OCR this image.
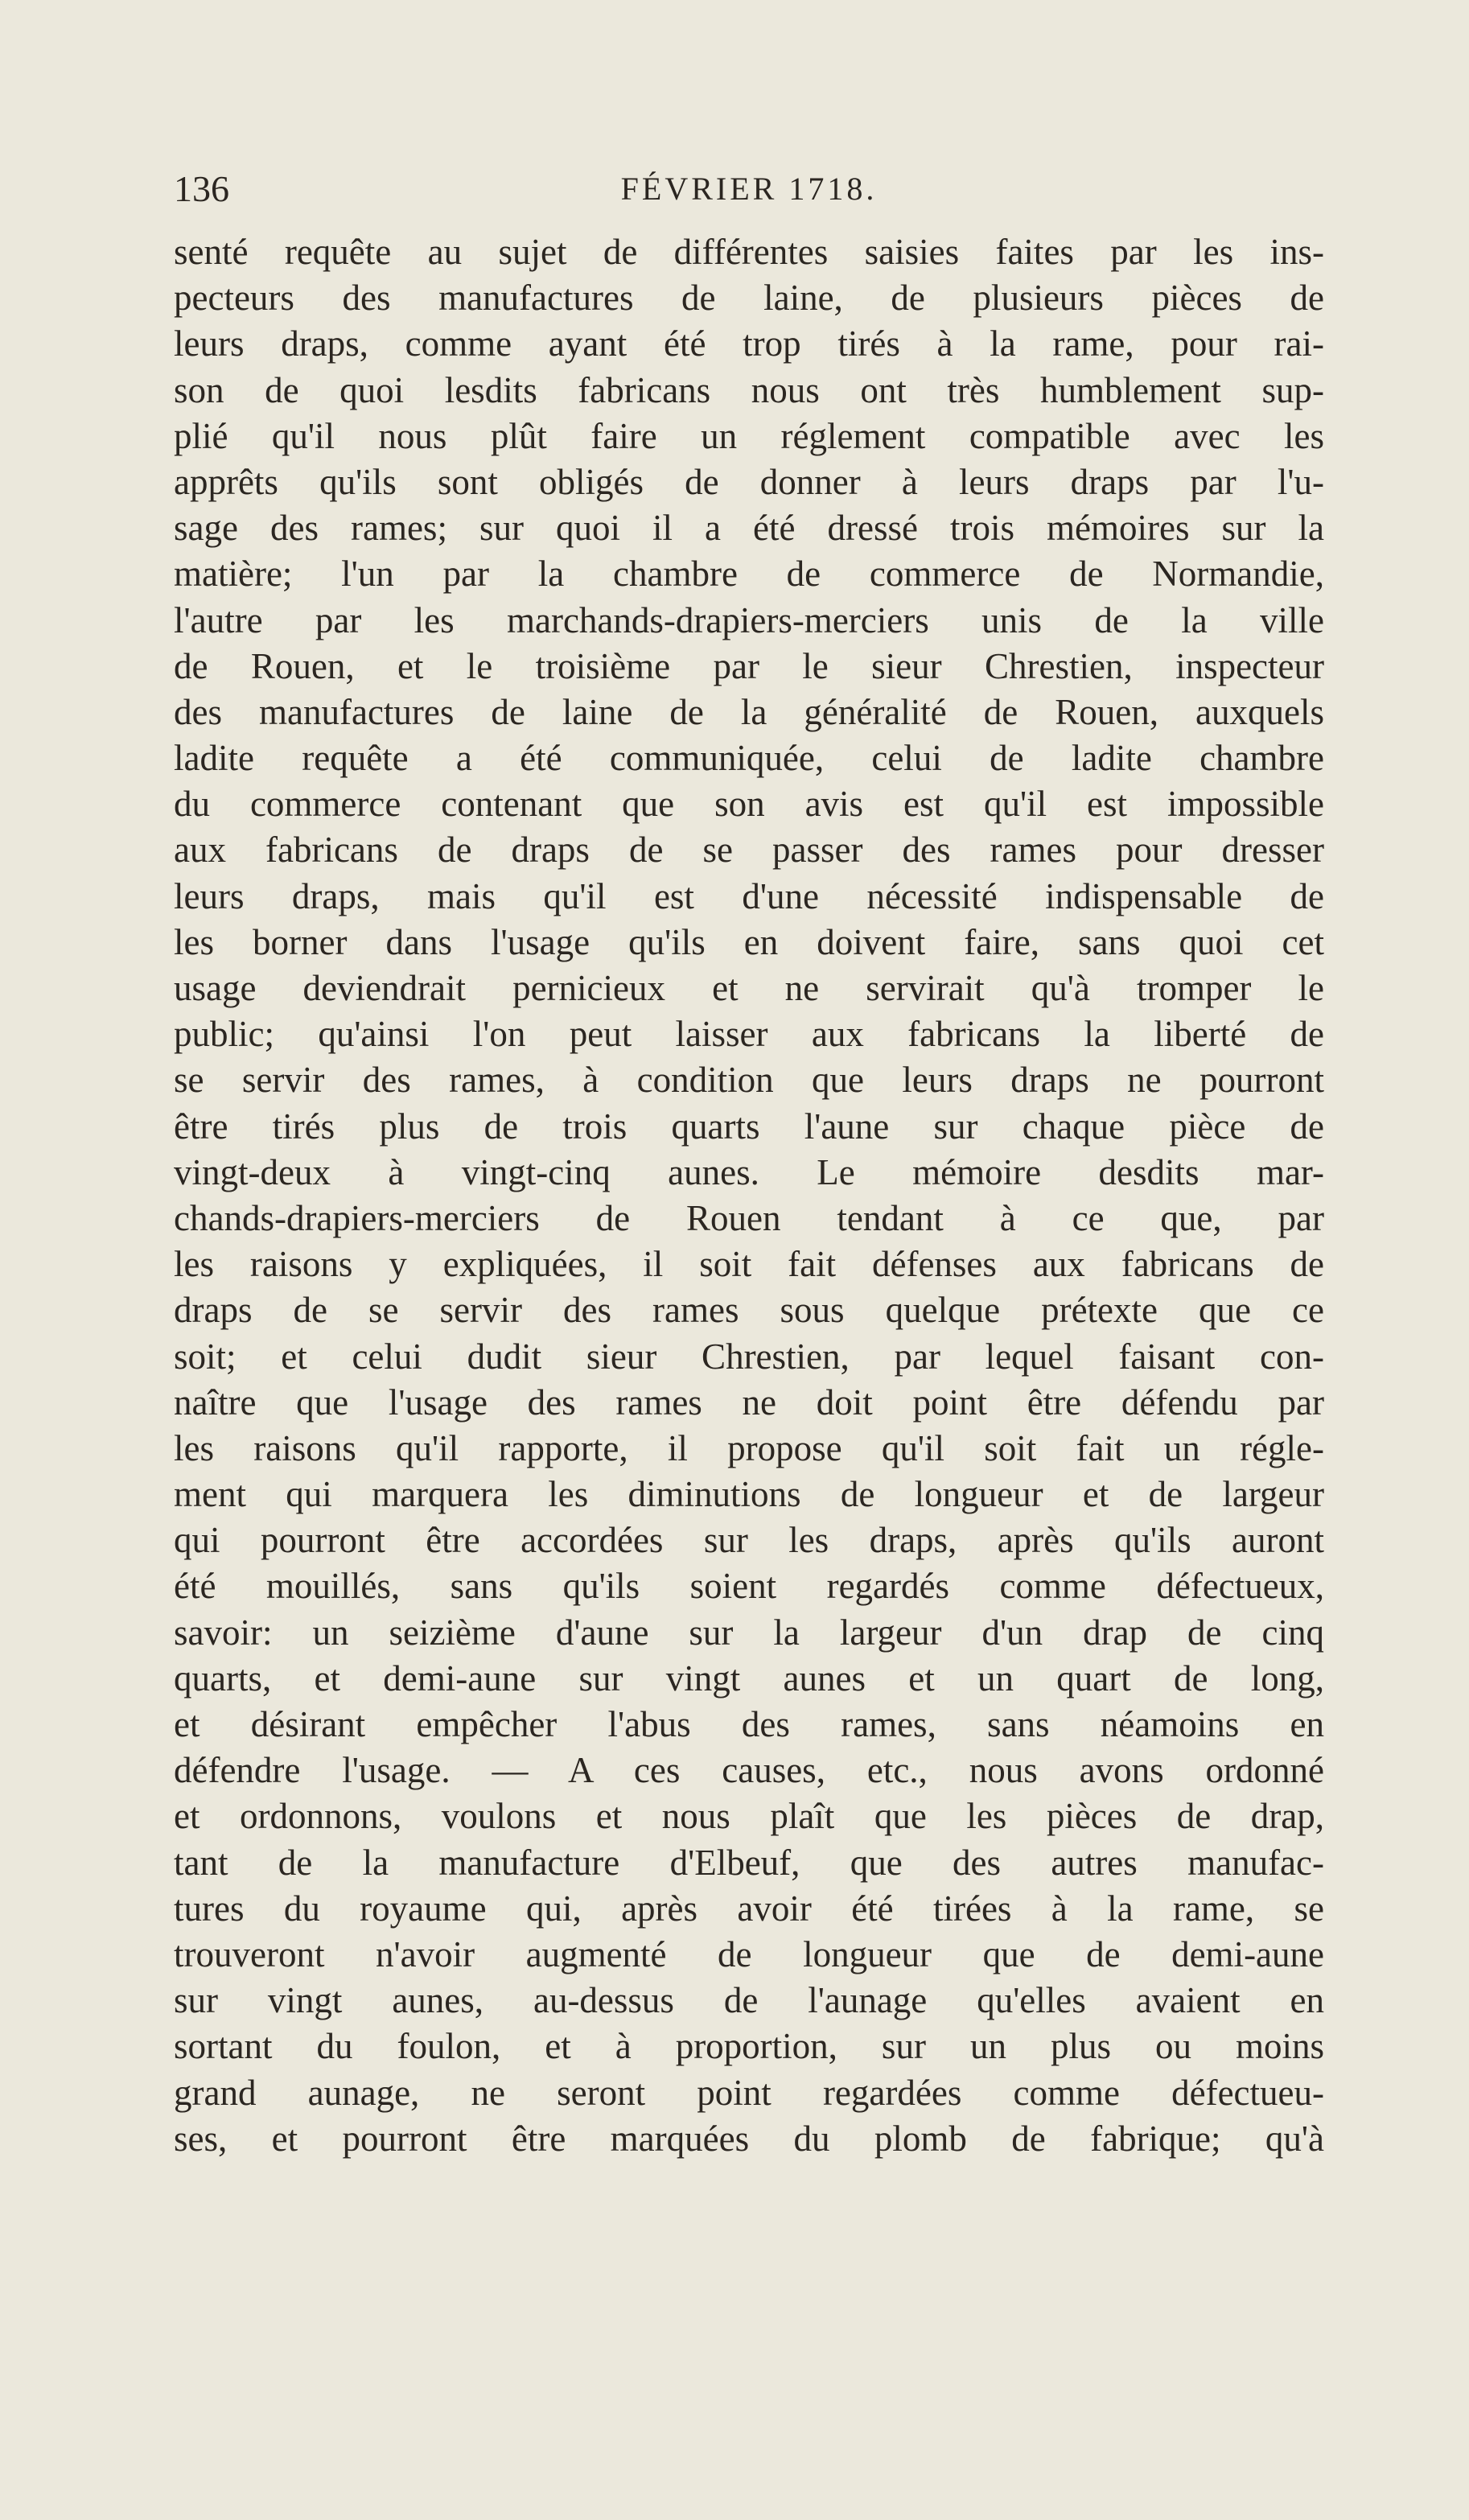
136	FÉVRIER 1718.
senté requête au sujet de différentes saisies faites par les ins-
pecteurs des manufactures de laine, de plusieurs pièces de
leurs draps, comme ayant été trop tirés à la rame, pour rai-
son de quoi lesdits fabricans nous ont très humblement sup-
plié qu'il nous plût faire un réglement compatible avec les
apprêts qu'ils sont obligés de donner à leurs draps par l'u-
sage des rames; sur quoi il a été dressé trois mémoires sur la
matière; l'un par la chambre de commerce de Normandie,
l'autre par les marchands-drapiers-merciers unis de la ville
de Rouen, et le troisième par le sieur Chrestien, inspecteur
des manufactures de laine de la généralité de Rouen, auxquels
ladite requête a été communiquée, celui de ladite chambre
du commerce contenant que son avis est qu'il est impossible
aux fabricans de draps de se passer des rames pour dresser
leurs draps, mais qu'il est d'une nécessité indispensable de
les borner dans l'usage qu'ils en doivent faire, sans quoi cet
usage deviendrait pernicieux et ne servirait qu'à tromper le
public; qu'ainsi l'on peut laisser aux fabricans la liberté de
se servir des rames, à condition que leurs draps ne pourront
être tirés plus de trois quarts l'aune sur chaque pièce de
vingt-deux à vingt-cinq aunes. Le mémoire desdits mar-
chands-drapiers-merciers de Rouen tendant à ce que, par
les raisons y expliquées, il soit fait défenses aux fabricans de
draps de se servir des rames sous quelque prétexte que ce
soit; et celui dudit sieur Chrestien, par lequel faisant con-
naître que l'usage des rames ne doit point être défendu par
les raisons qu'il rapporte, il propose qu'il soit fait un régle-
ment qui marquera les diminutions de longueur et de largeur
qui pourront être accordées sur les draps, après qu'ils auront
été mouillés, sans qu'ils soient regardés comme défectueux,
savoir: un seizième d'aune sur la largeur d'un drap de cinq
quarts, et demi-aune sur vingt aunes et un quart de long,
et désirant empêcher l'abus des rames, sans néamoins en
défendre l'usage. — A ces causes, etc., nous avons ordonné
et ordonnons, voulons et nous plaît que les pièces de drap,
tant de la manufacture d'Elbeuf, que des autres manufac-
tures du royaume qui, après avoir été tirées à la rame, se
trouveront n'avoir augmenté de longueur que de demi-aune
sur vingt aunes, au-dessus de l'aunage qu'elles avaient en
sortant du foulon, et à proportion, sur un plus ou moins
grand aunage, ne seront point regardées comme défectueu-
ses, et pourront être marquées du plomb de fabrique; qu'à
